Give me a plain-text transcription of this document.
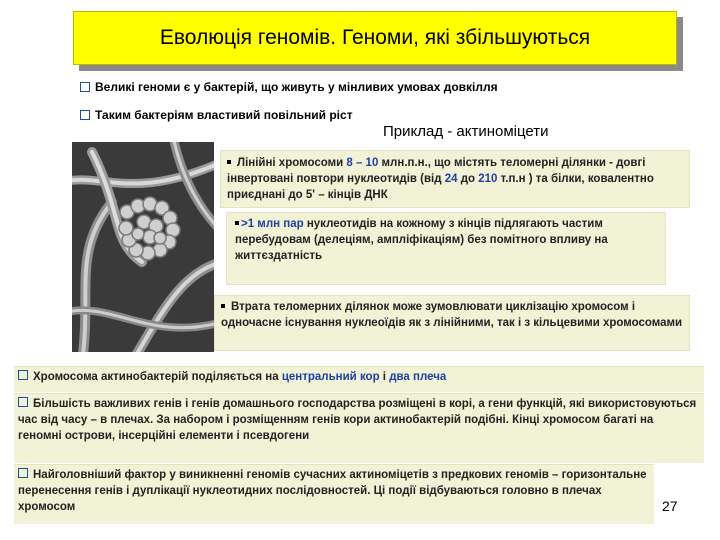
Еволюція геномів. Геноми, які збільшуються
Великі геноми є у бактерій, що живуть у мінливих умовах довкілля
Таким бактеріям властивий повільний ріст
Приклад - актиноміцети
Лінійні хромосоми 8 – 10 млн.п.н., що містять теломерні ділянки - довгі інвертовані повтори нуклеотидів (від 24 до 210 т.п.н ) та білки, ковалентно приєднані до 5' – кінців ДНК
>1 млн пар нуклеотидів на кожному з кінців підлягають частим перебудовам (делеціям, ампліфікаціям) без помітного впливу на життєздатність
Втрата теломерних ділянок може зумовлювати циклізацію хромосом і одночасне існування нуклеоїдів як з лінійними, так і з кільцевими хромосомами
Хромосома актинобактерій поділяється на центральний кор і два плеча
Більшість важливих генів і генів домашнього господарства розміщені в корі, а гени функцій, які використовуються час від часу – в плечах. За набором і розміщенням генів кори актинобактерій подібні. Кінці хромосом багаті на геномні острови, інсерційні елементи і псевдогени
Найголовніший фактор у виникненні геномів сучасних актиноміцетів з предкових геномів – горизонтальне перенесення генів і дуплікації нуклеотидних послідовностей. Ці події відбуваються головно в плечах хромосом	27
